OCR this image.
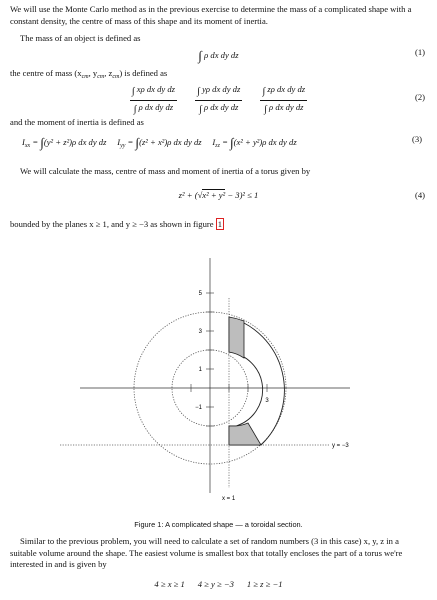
We will use the Monte Carlo method as in the previous exercise to determine the mass of a complicated shape with a constant density, the centre of mass of this shape and its moment of inertia.

The mass of an object is defined as

∫ ρ dx dy dz	(1)

the centre of mass ($x_{cm}$, $y_{cm}$, $z_{cm}$) is defined as

$\frac{\text{∫ xρ dx dy dz}}{\text{∫ ρ dx dy dz}}$
$\frac{\text{∫ yρ dx dy dz}}{\text{∫ ρ dx dy dz}}$
$\frac{\text{∫ zρ dx dy dz}}{\text{∫ ρ dx dy dz}}$	(2)

and the moment of inertia is defined as

$I_{xx} = \int(y^2 + z^2)\rho$ dx dy dz $I_{yy} = \int(z^2 + x^2)\rho$ dx dy dz $I_{zz} = \int(x^2 + y^2)\rho$ dx dy dz	(3)

We will calculate the mass, centre of mass and moment of inertia of a torus given by

z² + (√x² + y² − 3)² ≤ 1	(4)

bounded by the planes x ≥ 1, and y ≥ −3 as shown in figure 1

5
3
1
−1
3
y = −3
x = 1
Figure 1: A complicated shape — a toroidal section.

Similar to the previous problem, you will need to calculate a set of random numbers (3 in this case) x, y, z in a suitable volume around the shape. The easiest volume is smallest box that totally encloses the part of a torus we're interested in and is given by

4 ≥ x ≥ 1 4 ≥ y ≥ −3 1 ≥ z ≥ −1
